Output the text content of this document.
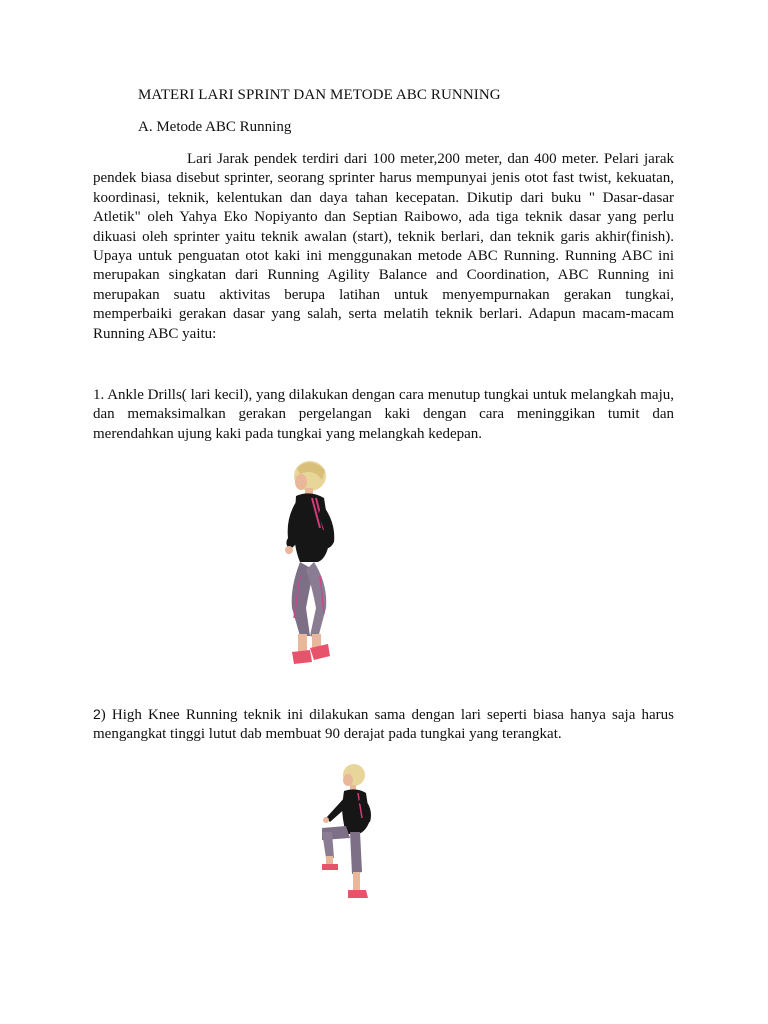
MATERI LARI SPRINT DAN METODE ABC RUNNING
A. Metode ABC Running

Lari Jarak pendek terdiri dari 100 meter,200 meter, dan 400 meter. Pelari jarak pendek biasa disebut sprinter, seorang sprinter harus mempunyai jenis otot fast twist, kekuatan, koordinasi, teknik, kelentukan dan daya tahan kecepatan. Dikutip dari buku " Dasar-dasar Atletik" oleh Yahya Eko Nopiyanto dan Septian Raibowo, ada tiga teknik dasar yang perlu dikuasi oleh sprinter yaitu teknik awalan (start), teknik berlari, dan teknik garis akhir(finish). Upaya untuk penguatan otot kaki ini menggunakan metode ABC Running. Running ABC ini merupakan singkatan dari Running Agility Balance and Coordination, ABC Running ini merupakan suatu aktivitas berupa latihan untuk menyempurnakan gerakan tungkai, memperbaiki gerakan dasar yang salah, serta melatih teknik berlari. Adapun macam-macam Running ABC yaitu:

1. Ankle Drills( lari kecil), yang dilakukan dengan cara menutup tungkai untuk melangkah maju, dan memaksimalkan gerakan pergelangan kaki dengan cara meninggikan tumit dan merendahkan ujung kaki pada tungkai yang melangkah kedepan.

2) High Knee Running teknik ini dilakukan sama dengan lari seperti biasa hanya saja harus mengangkat tinggi lutut dab membuat 90 derajat pada tungkai yang terangkat.
